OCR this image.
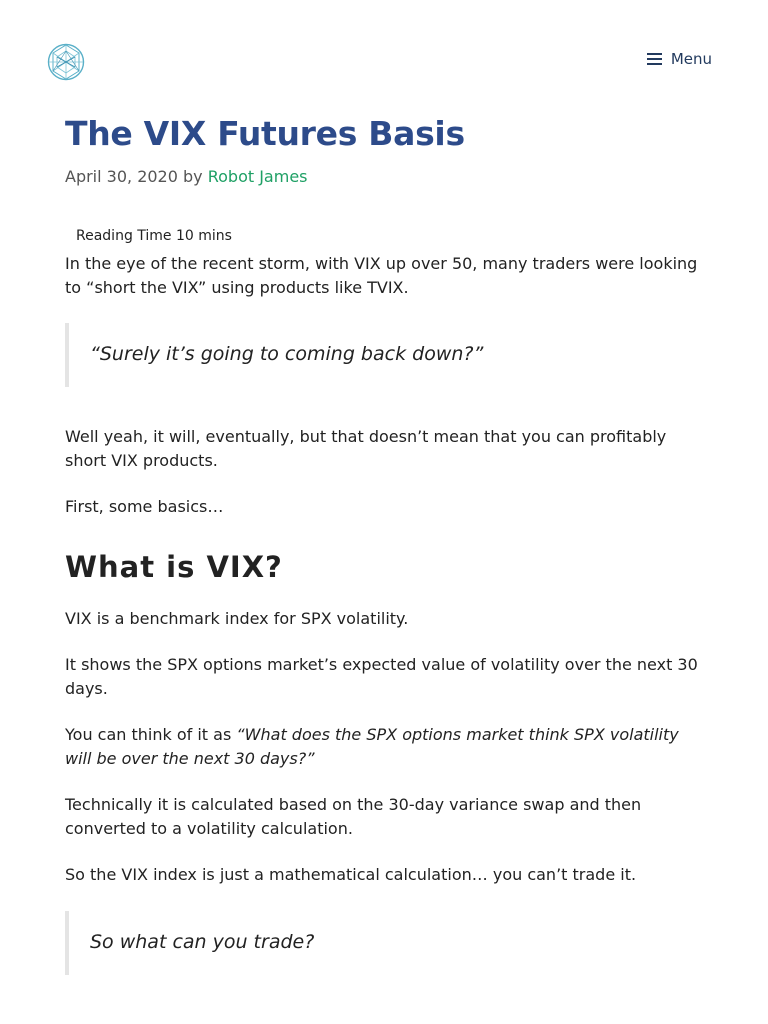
Menu
The VIX Futures Basis
April 30, 2020 by Robot James
Reading Time 10 mins

In the eye of the recent storm, with VIX up over 50, many traders were looking to “short the VIX” using products like TVIX.

“Surely it’s going to coming back down?”

Well yeah, it will, eventually, but that doesn’t mean that you can profitably short VIX products.

First, some basics…

What is VIX?

VIX is a benchmark index for SPX volatility.

It shows the SPX options market’s expected value of volatility over the next 30 days.

You can think of it as “What does the SPX options market think SPX volatility will be over the next 30 days?”

Technically it is calculated based on the 30-day variance swap and then converted to a volatility calculation.

So the VIX index is just a mathematical calculation… you can’t trade it.

So what can you trade?
